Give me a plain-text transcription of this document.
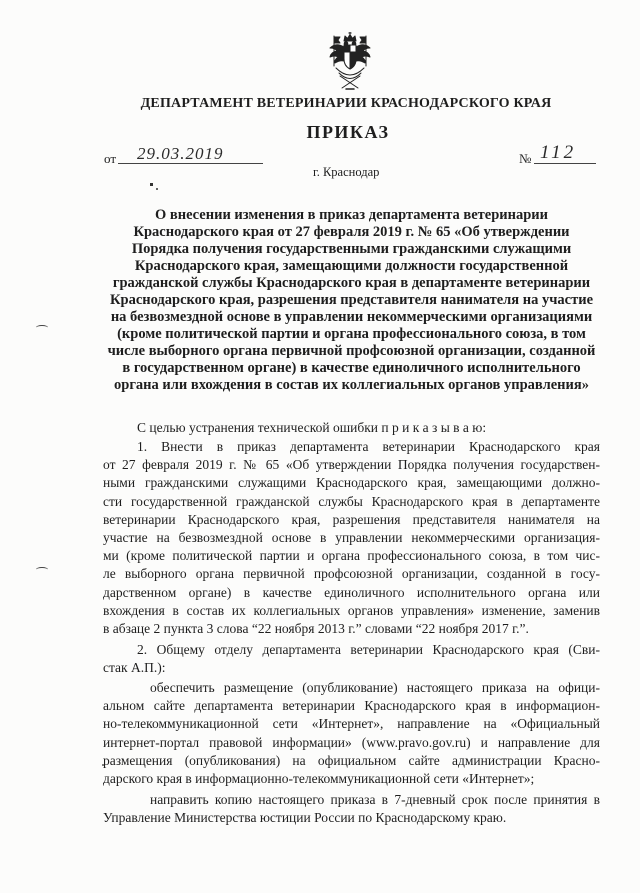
ДЕПАРТАМЕНТ ВЕТЕРИНАРИИ КРАСНОДАРСКОГО КРАЯ
ПРИКАЗ
от 29.03.2019	№ 112
г. Краснодар
О внесении изменения в приказ департамента ветеринарии
Краснодарского края от 27 февраля 2019 г. № 65 «Об утверждении
Порядка получения государственными гражданскими служащими
Краснодарского края, замещающими должности государственной
гражданской службы Краснодарского края в департаменте ветеринарии
Краснодарского края, разрешения представителя нанимателя на участие
на безвозмездной основе в управлении некоммерческими организациями
(кроме политической партии и органа профессионального союза, в том
числе выборного органа первичной профсоюзной организации, созданной
в государственном органе) в качестве единоличного исполнительного
органа или вхождения в состав их коллегиальных органов управления»
С целью устранения технической ошибки п р и к а з ы в а ю:
1. Внести в приказ департамента ветеринарии Краснодарского края
от 27 февраля 2019 г. № 65 «Об утверждении Порядка получения государствен-
ными гражданскими служащими Краснодарского края, замещающими должно-
сти государственной гражданской службы Краснодарского края в департаменте
ветеринарии Краснодарского края, разрешения представителя нанимателя на
участие на безвозмездной основе в управлении некоммерческими организация-
ми (кроме политической партии и органа профессионального союза, в том чис-
ле выборного органа первичной профсоюзной организации, созданной в госу-
дарственном органе) в качестве единоличного исполнительного органа или
вхождения в состав их коллегиальных органов управления» изменение, заменив
в абзаце 2 пункта 3 слова “22 ноября 2013 г.” словами “22 ноября 2017 г.”.
2. Общему отделу департамента ветеринарии Краснодарского края (Сви-
стак А.П.):
обеспечить размещение (опубликование) настоящего приказа на офици-
альном сайте департамента ветеринарии Краснодарского края в информацион-
но-телекоммуникационной сети «Интернет», направление на «Официальный
интернет-портал правовой информации» (www.pravo.gov.ru) и направление для
размещения (опубликования) на официальном сайте администрации Красно-
дарского края в информационно-телекоммуникационной сети «Интернет»;
направить копию настоящего приказа в 7-дневный срок после принятия в
Управление Министерства юстиции России по Краснодарскому краю.
